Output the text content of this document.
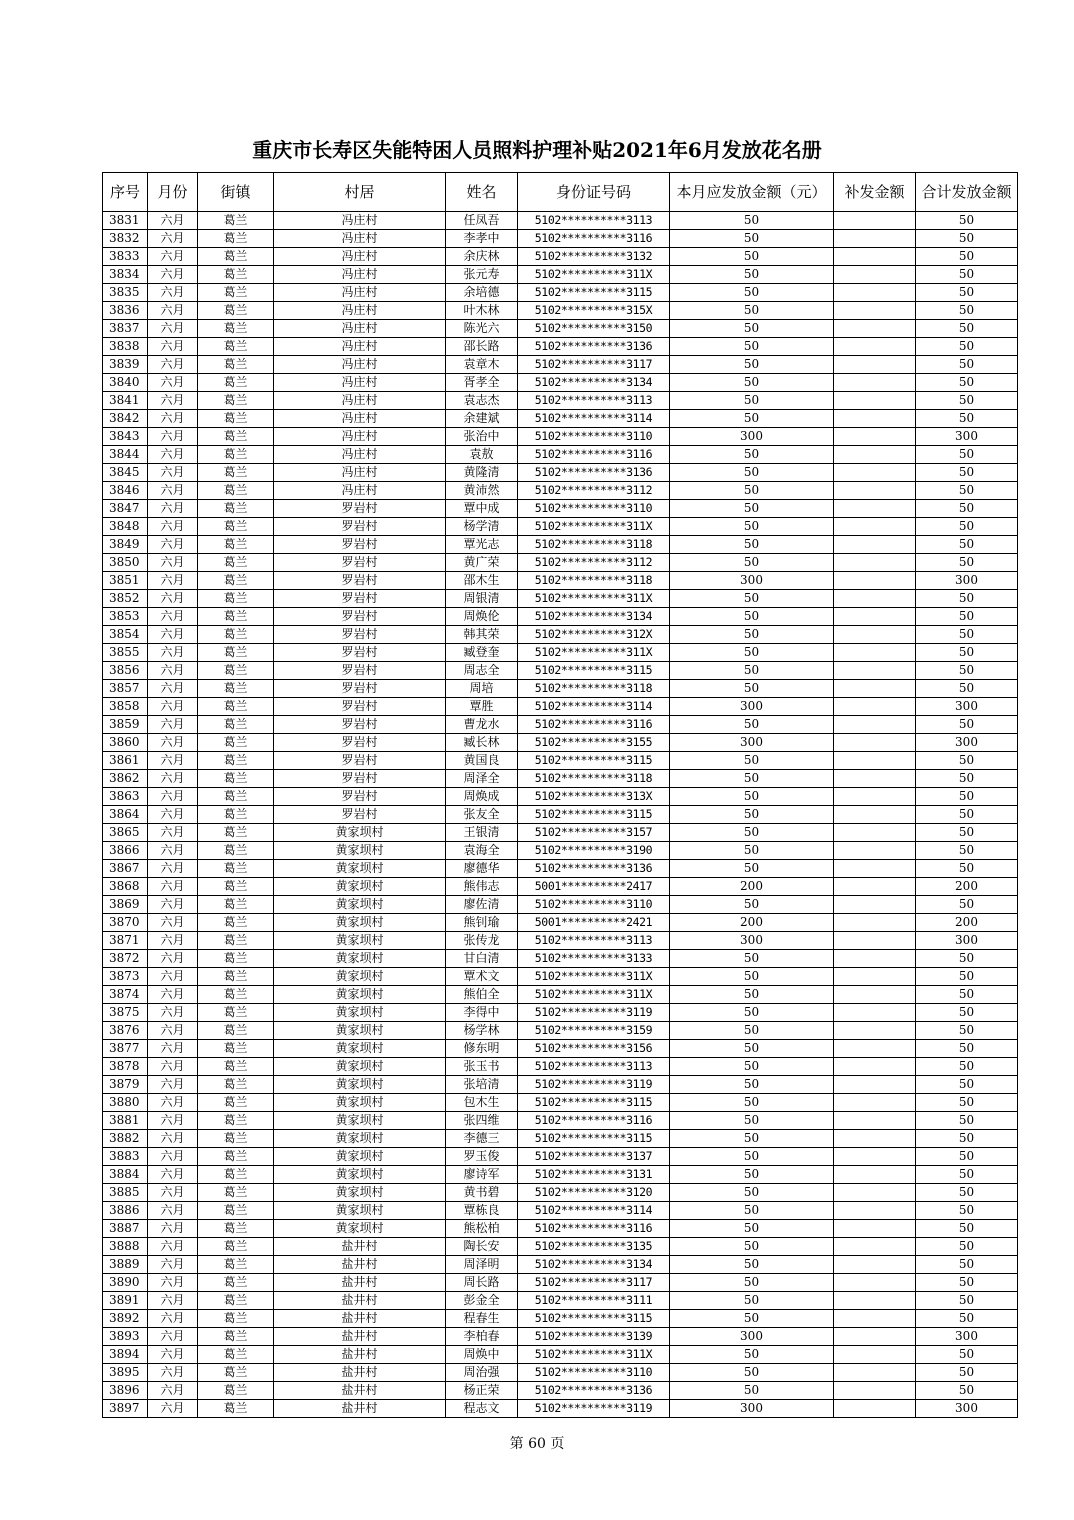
重庆市长寿区失能特困人员照料护理补贴2021年6月发放花名册
序号	月份	街镇	村居	姓名	身份证号码	本月应发放金额（元）	补发金额	合计发放金额
3831	六月	葛兰	冯庄村	任凤吾	5102**********3113	50		50
3832	六月	葛兰	冯庄村	李孝中	5102**********3116	50		50
3833	六月	葛兰	冯庄村	余庆林	5102**********3132	50		50
3834	六月	葛兰	冯庄村	张元寿	5102**********311X	50		50
3835	六月	葛兰	冯庄村	余培德	5102**********3115	50		50
3836	六月	葛兰	冯庄村	叶木林	5102**********315X	50		50
3837	六月	葛兰	冯庄村	陈光六	5102**********3150	50		50
3838	六月	葛兰	冯庄村	邵长路	5102**********3136	50		50
3839	六月	葛兰	冯庄村	袁章木	5102**********3117	50		50
3840	六月	葛兰	冯庄村	胥孝全	5102**********3134	50		50
3841	六月	葛兰	冯庄村	袁志杰	5102**********3113	50		50
3842	六月	葛兰	冯庄村	余建斌	5102**********3114	50		50
3843	六月	葛兰	冯庄村	张治中	5102**********3110	300		300
3844	六月	葛兰	冯庄村	袁敖	5102**********3116	50		50
3845	六月	葛兰	冯庄村	黄隆清	5102**********3136	50		50
3846	六月	葛兰	冯庄村	黄沛然	5102**********3112	50		50
3847	六月	葛兰	罗岩村	覃中成	5102**********3110	50		50
3848	六月	葛兰	罗岩村	杨学清	5102**********311X	50		50
3849	六月	葛兰	罗岩村	覃光志	5102**********3118	50		50
3850	六月	葛兰	罗岩村	黄广荣	5102**********3112	50		50
3851	六月	葛兰	罗岩村	邵木生	5102**********3118	300		300
3852	六月	葛兰	罗岩村	周银清	5102**********311X	50		50
3853	六月	葛兰	罗岩村	周焕伦	5102**********3134	50		50
3854	六月	葛兰	罗岩村	韩其荣	5102**********312X	50		50
3855	六月	葛兰	罗岩村	臧登奎	5102**********311X	50		50
3856	六月	葛兰	罗岩村	周志全	5102**********3115	50		50
3857	六月	葛兰	罗岩村	周培	5102**********3118	50		50
3858	六月	葛兰	罗岩村	覃胜	5102**********3114	300		300
3859	六月	葛兰	罗岩村	曹龙水	5102**********3116	50		50
3860	六月	葛兰	罗岩村	臧长林	5102**********3155	300		300
3861	六月	葛兰	罗岩村	黄国良	5102**********3115	50		50
3862	六月	葛兰	罗岩村	周泽全	5102**********3118	50		50
3863	六月	葛兰	罗岩村	周焕成	5102**********313X	50		50
3864	六月	葛兰	罗岩村	张友全	5102**********3115	50		50
3865	六月	葛兰	黄家坝村	王银清	5102**********3157	50		50
3866	六月	葛兰	黄家坝村	袁海全	5102**********3190	50		50
3867	六月	葛兰	黄家坝村	廖德华	5102**********3136	50		50
3868	六月	葛兰	黄家坝村	熊伟志	5001**********2417	200		200
3869	六月	葛兰	黄家坝村	廖佐清	5102**********3110	50		50
3870	六月	葛兰	黄家坝村	熊钊瑜	5001**********2421	200		200
3871	六月	葛兰	黄家坝村	张传龙	5102**********3113	300		300
3872	六月	葛兰	黄家坝村	甘白清	5102**********3133	50		50
3873	六月	葛兰	黄家坝村	覃术文	5102**********311X	50		50
3874	六月	葛兰	黄家坝村	熊伯全	5102**********311X	50		50
3875	六月	葛兰	黄家坝村	李得中	5102**********3119	50		50
3876	六月	葛兰	黄家坝村	杨学林	5102**********3159	50		50
3877	六月	葛兰	黄家坝村	修东明	5102**********3156	50		50
3878	六月	葛兰	黄家坝村	张玉书	5102**********3113	50		50
3879	六月	葛兰	黄家坝村	张培清	5102**********3119	50		50
3880	六月	葛兰	黄家坝村	包木生	5102**********3115	50		50
3881	六月	葛兰	黄家坝村	张四维	5102**********3116	50		50
3882	六月	葛兰	黄家坝村	李德三	5102**********3115	50		50
3883	六月	葛兰	黄家坝村	罗玉俊	5102**********3137	50		50
3884	六月	葛兰	黄家坝村	廖诗军	5102**********3131	50		50
3885	六月	葛兰	黄家坝村	黄书碧	5102**********3120	50		50
3886	六月	葛兰	黄家坝村	覃栋良	5102**********3114	50		50
3887	六月	葛兰	黄家坝村	熊松柏	5102**********3116	50		50
3888	六月	葛兰	盐井村	陶长安	5102**********3135	50		50
3889	六月	葛兰	盐井村	周泽明	5102**********3134	50		50
3890	六月	葛兰	盐井村	周长路	5102**********3117	50		50
3891	六月	葛兰	盐井村	彭金全	5102**********3111	50		50
3892	六月	葛兰	盐井村	程春生	5102**********3115	50		50
3893	六月	葛兰	盐井村	李柏春	5102**********3139	300		300
3894	六月	葛兰	盐井村	周焕中	5102**********311X	50		50
3895	六月	葛兰	盐井村	周治强	5102**********3110	50		50
3896	六月	葛兰	盐井村	杨正荣	5102**********3136	50		50
3897	六月	葛兰	盐井村	程志文	5102**********3119	300		300
第 60 页
